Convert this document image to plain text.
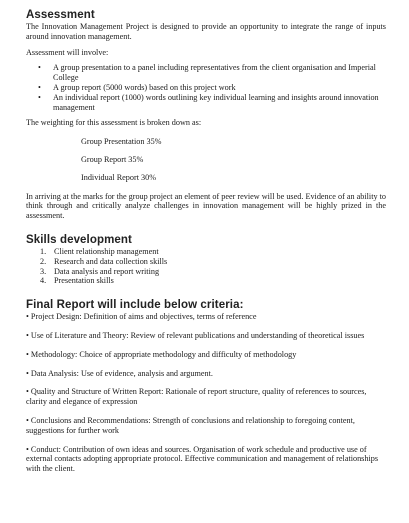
Assessment

The Innovation Management Project is designed to provide an opportunity to integrate the range of inputs around innovation management.

Assessment will involve:

• A group presentation to a panel including representatives from the client organisation and Imperial College
• A group report (5000 words) based on this project work
• An individual report (1000) words outlining key individual learning and insights around innovation management

The weighting for this assessment is broken down as:

Group Presentation 35%
Group Report 35%
Individual Report 30%

In arriving at the marks for the group project an element of peer review will be used. Evidence of an ability to think through and critically analyze challenges in innovation management will be highly prized in the assessment.

Skills development
1. Client relationship management
2. Research and data collection skills
3. Data analysis and report writing
4. Presentation skills
Final Report will include below criteria:

• Project Design: Definition of aims and objectives, terms of reference

• Use of Literature and Theory: Review of relevant publications and understanding of theoretical issues

• Methodology: Choice of appropriate methodology and difficulty of methodology

• Data Analysis: Use of evidence, analysis and argument.

• Quality and Structure of Written Report: Rationale of report structure, quality of references to sources, clarity and elegance of expression

• Conclusions and Recommendations: Strength of conclusions and relationship to foregoing content, suggestions for further work

• Conduct: Contribution of own ideas and sources. Organisation of work schedule and productive use of external contacts adopting appropriate protocol. Effective communication and management of relationships with the client.
